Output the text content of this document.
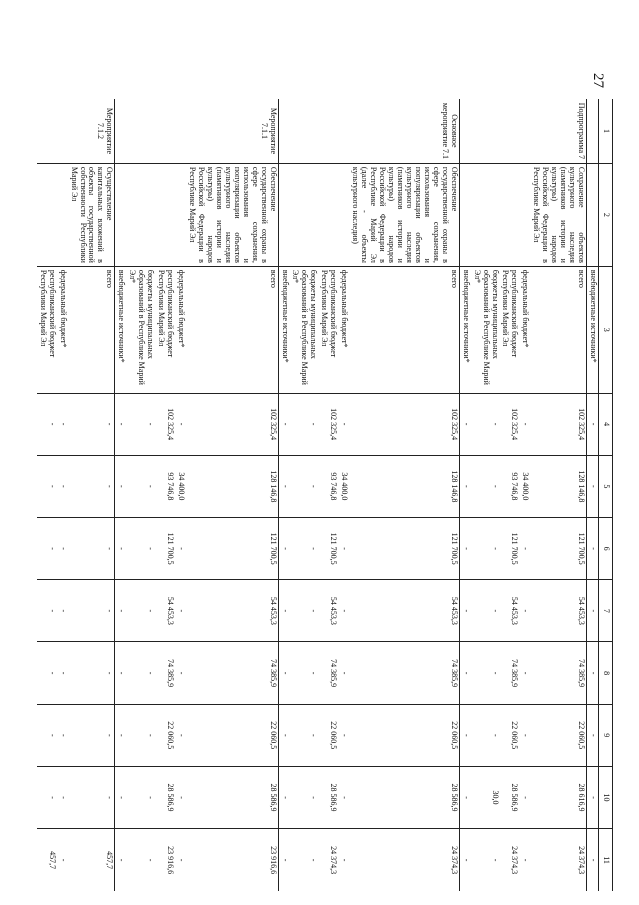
27
1	2	3	4	5	6	7	8	9	10	11
		внебюджетные источники*	-	-	-	-	-	-	-	-
Подпрограмма 7	Сохранение объектов культурного наследия (памятников истории и культуры) народов Российской Федерации в Республике Марий Эл	всего	102 325,4	128 146,8	121 700,5	54 453,3	74 385,9	22 060,5	28 616,9	24 374,3
		федеральный бюджет*	-	34 400,0	-	-	-	-	-	-
		республиканский бюджет Республики Марий Эл	102 325,4	93 746,8	121 700,5	54 453,3	74 385,9	22 060,5	28 586,9	24 374,3
		бюджеты муниципальных образований в Республике Марий Эл*	-	-	-	-	-	-	30,0	-
		внебюджетные источники*	-	-	-	-	-	-	-	-
Основное мероприятие 7.1	Обеспечение государственной охраны в сфере сохранения, использования и популяризации объектов культурного наследия (памятников истории и культуры) народов Российской Федерации в Республике Марий Эл (далее - объекты культурного наследия)	всего	102 325,4	128 146,8	121 700,5	54 453,3	74 385,9	22 060,5	28 586,9	24 374,3
		федеральный бюджет*	-	34 400,0	-	-	-	-	-	-
		республиканский бюджет Республики Марий Эл	102 325,4	93 746,8	121 700,5	54 453,3	74 385,9	22 060,5	28 586,9	24 374,3
		бюджеты муниципальных образований в Республике Марий Эл*	-	-	-	-	-	-	-	-
		внебюджетные источники*	-	-	-	-	-	-	-	-
Мероприятие 7.1.1	Обеспечение государственной охраны в сфере сохранения, использования и популяризации объектов культурного наследия (памятников истории и культуры) народов Российской Федерации в Республике Марий Эл	всего	102 325,4	128 146,8	121 700,5	54 453,3	74 385,9	22 060,5	28 586,9	23 916,6
		федеральный бюджет*	-	34 400,0	-	-	-	-	-	-
		республиканский бюджет Республики Марий Эл	102 325,4	93 746,8	121 700,5	54 453,3	74 385,9	22 060,5	28 586,9	23 916,6
		бюджеты муниципальных образований в Республике Марий Эл*	-	-	-	-	-	-	-	-
		внебюджетные источники*	-	-	-	-	-	-	-	-
Мероприятие 7.1.2	Осуществление капитальных вложений в объекты государственной собственности Республики Марий Эл	всего	-	-	-	-	-	-	-	457,7
		федеральный бюджет*	-	-	-	-	-	-	-	-
		республиканский бюджет Республики Марий Эл	-	-	-	-	-	-	-	457,7
